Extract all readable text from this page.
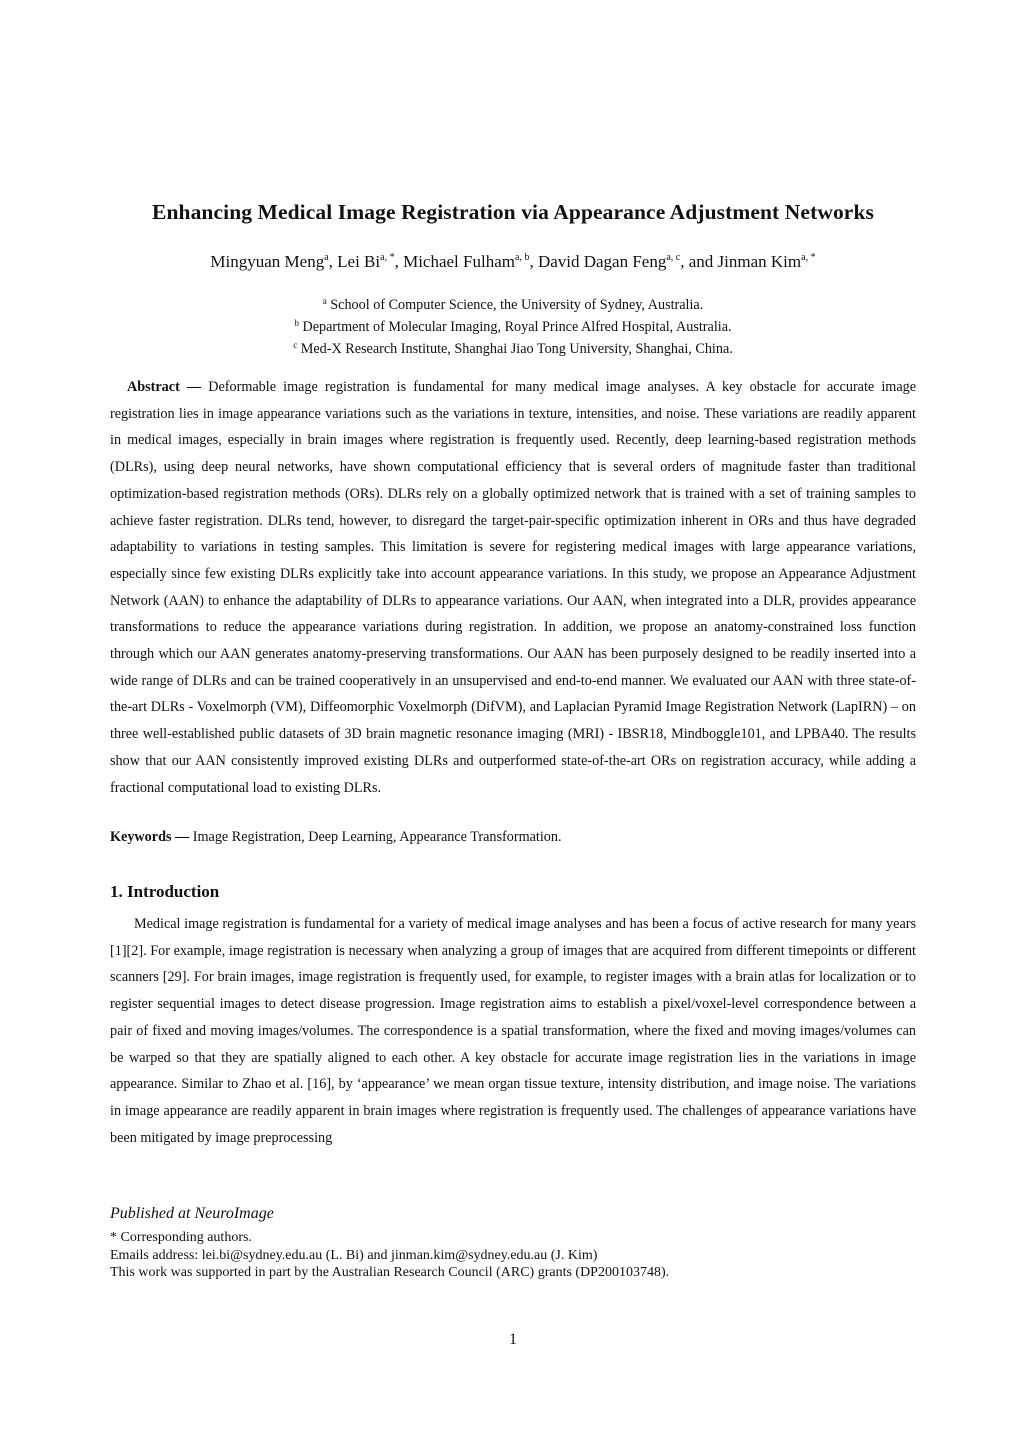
Enhancing Medical Image Registration via Appearance Adjustment Networks
Mingyuan Meng$^a$, Lei $Bi^{a, *}$, Michael Fulham$^{a, b}$, David Dagan Feng$^{a, c}$, and Jinman Kim$^{a, *}$
$^a$ School of Computer Science, the University of Sydney, Australia.
$^b$ Department of Molecular Imaging, Royal Prince Alfred Hospital, Australia.
$^c$ Med-X Research Institute, Shanghai Jiao Tong University, Shanghai, China.
Abstract — Deformable image registration is fundamental for many medical image analyses. A key obstacle for accurate image registration lies in image appearance variations such as the variations in texture, intensities, and noise. These variations are readily apparent in medical images, especially in brain images where registration is frequently used. Recently, deep learning-based registration methods (DLRs), using deep neural networks, have shown computational efficiency that is several orders of magnitude faster than traditional optimization-based registration methods (ORs). DLRs rely on a globally optimized network that is trained with a set of training samples to achieve faster registration. DLRs tend, however, to disregard the target-pair-specific optimization inherent in ORs and thus have degraded adaptability to variations in testing samples. This limitation is severe for registering medical images with large appearance variations, especially since few existing DLRs explicitly take into account appearance variations. In this study, we propose an Appearance Adjustment Network (AAN) to enhance the adaptability of DLRs to appearance variations. Our AAN, when integrated into a DLR, provides appearance transformations to reduce the appearance variations during registration. In addition, we propose an anatomy-constrained loss function through which our AAN generates anatomy-preserving transformations. Our AAN has been purposely designed to be readily inserted into a wide range of DLRs and can be trained cooperatively in an unsupervised and end-to-end manner. We evaluated our AAN with three state-of-the-art DLRs - Voxelmorph (VM), Diffeomorphic Voxelmorph (DifVM), and Laplacian Pyramid Image Registration Network (LapIRN) – on three well-established public datasets of 3D brain magnetic resonance imaging (MRI) - IBSR18, Mindboggle101, and LPBA40. The results show that our AAN consistently improved existing DLRs and outperformed state-of-the-art ORs on registration accuracy, while adding a fractional computational load to existing DLRs.
Keywords — Image Registration, Deep Learning, Appearance Transformation.
1. Introduction
Medical image registration is fundamental for a variety of medical image analyses and has been a focus of active research for many years [1][2]. For example, image registration is necessary when analyzing a group of images that are acquired from different timepoints or different scanners [29]. For brain images, image registration is frequently used, for example, to register images with a brain atlas for localization or to register sequential images to detect disease progression. Image registration aims to establish a pixel/voxel-level correspondence between a pair of fixed and moving images/volumes. The correspondence is a spatial transformation, where the fixed and moving images/volumes can be warped so that they are spatially aligned to each other. A key obstacle for accurate image registration lies in the variations in image appearance. Similar to Zhao et al. [16], by ‘appearance’ we mean organ tissue texture, intensity distribution, and image noise. The variations in image appearance are readily apparent in brain images where registration is frequently used. The challenges of appearance variations have been mitigated by image preprocessing
Published at NeuroImage
* Corresponding authors.
Emails address: lei.bi@sydney.edu.au (L. Bi) and jinman.kim@sydney.edu.au (J. Kim)
This work was supported in part by the Australian Research Council (ARC) grants (DP200103748).
1
